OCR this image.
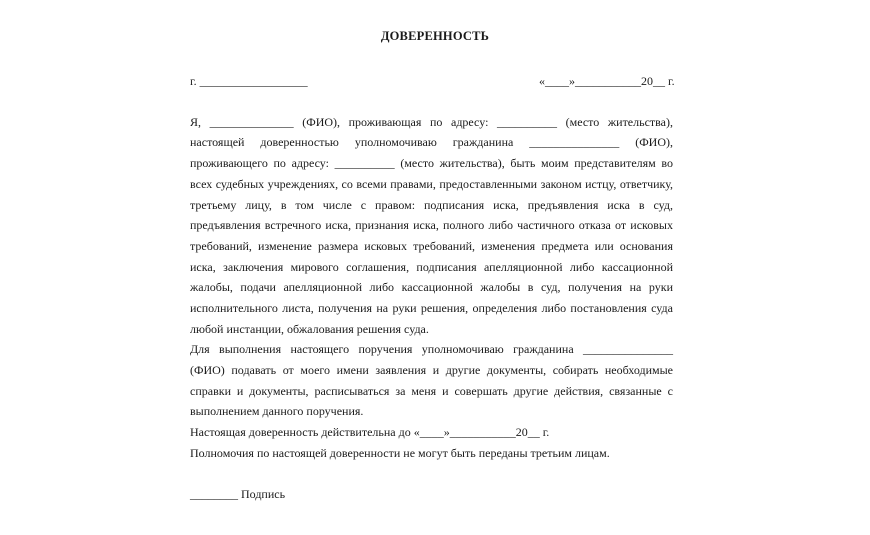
ДОВЕРЕННОСТЬ
г. __________________	«____»___________20__ г.
Я, ______________ (ФИО), проживающая по адресу: __________ (место жительства),
настоящей доверенностью уполномочиваю гражданина _______________ (ФИО),
проживающего по адресу: __________ (место жительства), быть моим представителям во
всех судебных учреждениях, со всеми правами, предоставленными законом истцу, ответчику,
третьему лицу, в том числе с правом: подписания иска, предъявления иска в суд,
предъявления встречного иска, признания иска, полного либо частичного отказа от исковых
требований, изменение размера исковых требований, изменения предмета или основания
иска, заключения мирового соглашения, подписания апелляционной либо кассационной
жалобы, подачи апелляционной либо кассационной жалобы в суд, получения на руки
исполнительного листа, получения на руки решения, определения либо постановления суда
любой инстанции, обжалования решения суда.
Для выполнения настоящего поручения уполномочиваю гражданина _______________
(ФИО) подавать от моего имени заявления и другие документы, собирать необходимые
справки и документы, расписываться за меня и совершать другие действия, связанные с
выполнением данного поручения.
Настоящая доверенность действительна до «____»___________20__ г.
Полномочия по настоящей доверенности не могут быть переданы третьим лицам.
________ Подпись
